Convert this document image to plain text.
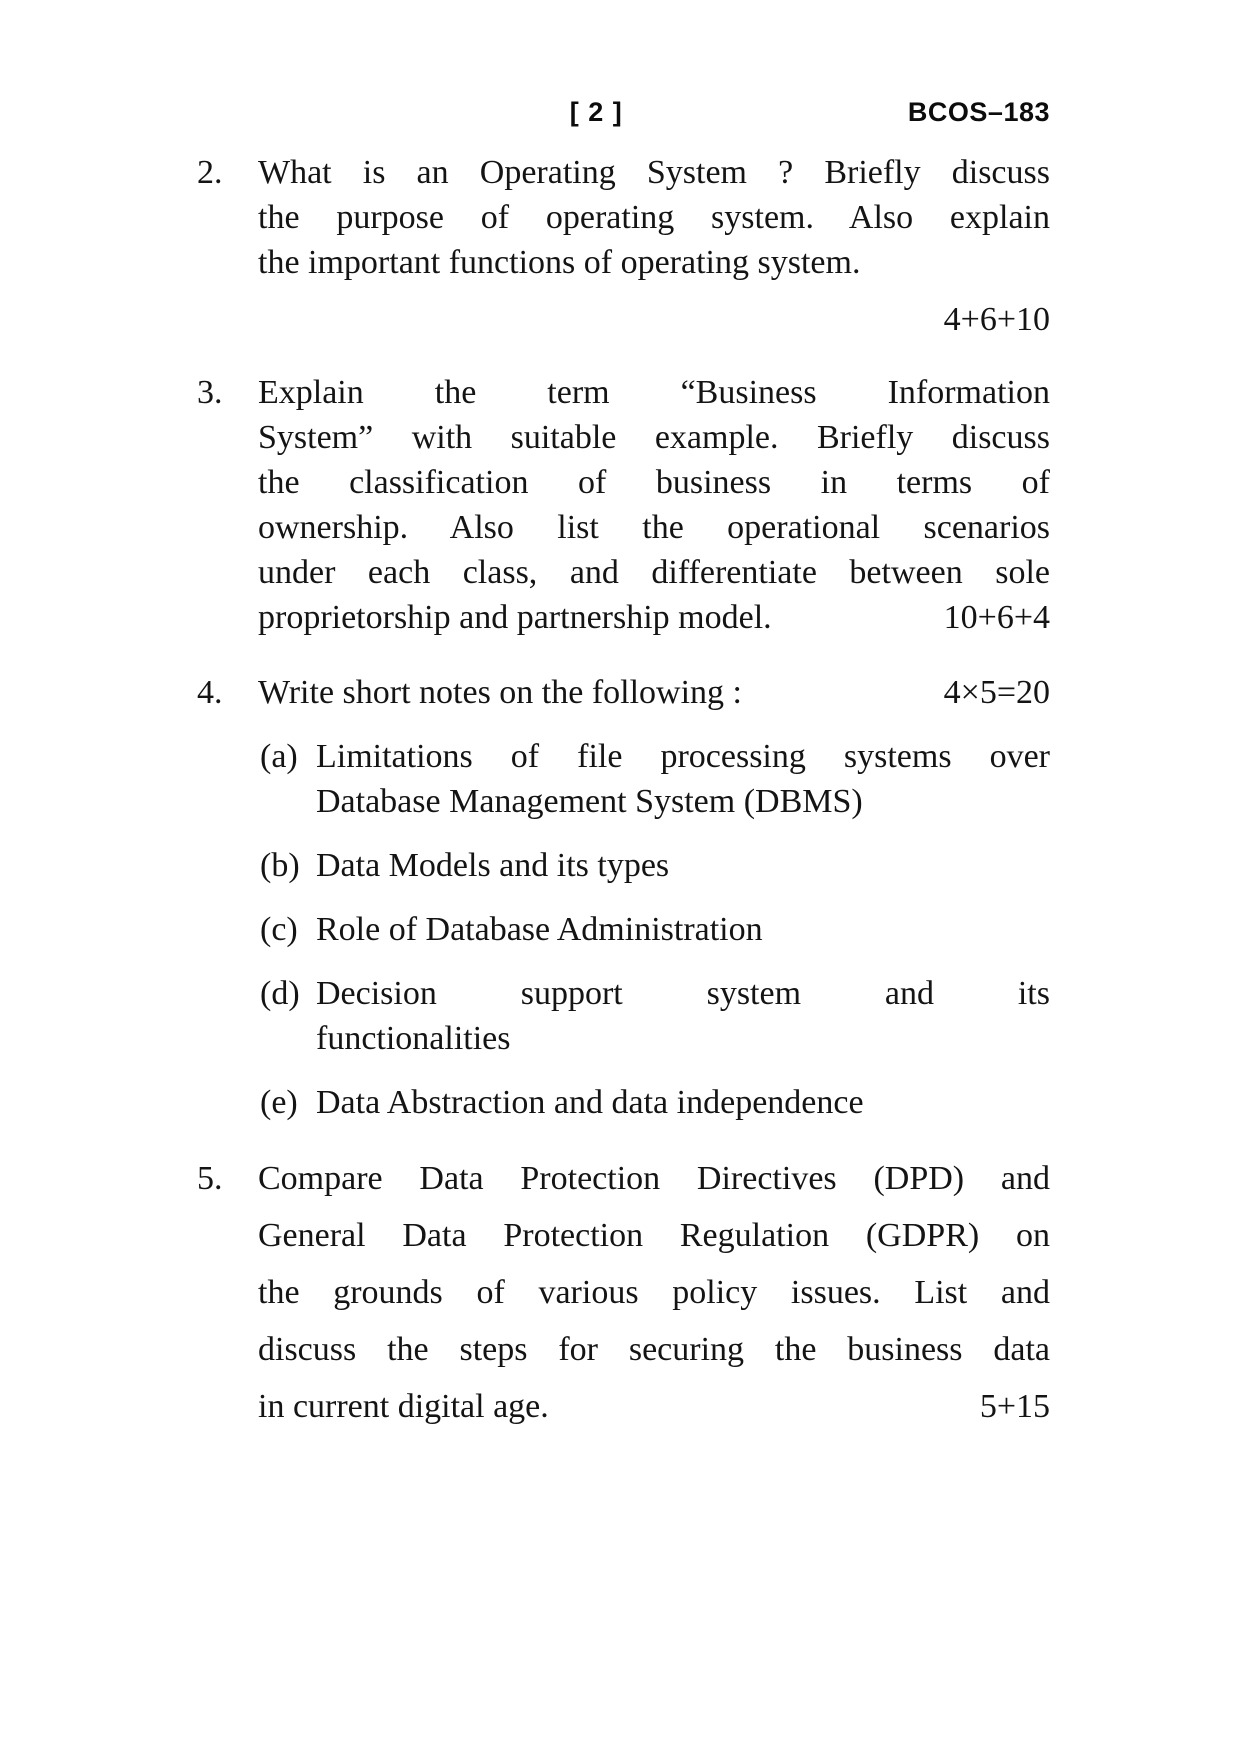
[ 2 ]	BCOS–183
2.	What is an Operating System ? Briefly discuss
the purpose of operating system. Also explain
the important functions of operating system.
4+6+10
3.	Explain the term “Business Information
System” with suitable example. Briefly discuss
the classification of business in terms of
ownership. Also list the operational scenarios
under each class, and differentiate between sole
proprietorship and partnership model.	10+6+4
4.	Write short notes on the following :	4×5=20
(a) Limitations of file processing systems over
Database Management System (DBMS)
(b) Data Models and its types
(c) Role of Database Administration
(d) Decision support system and its
functionalities
(e) Data Abstraction and data independence
5.	Compare Data Protection Directives (DPD) and
General Data Protection Regulation (GDPR) on
the grounds of various policy issues. List and
discuss the steps for securing the business data
in current digital age.	5+15
